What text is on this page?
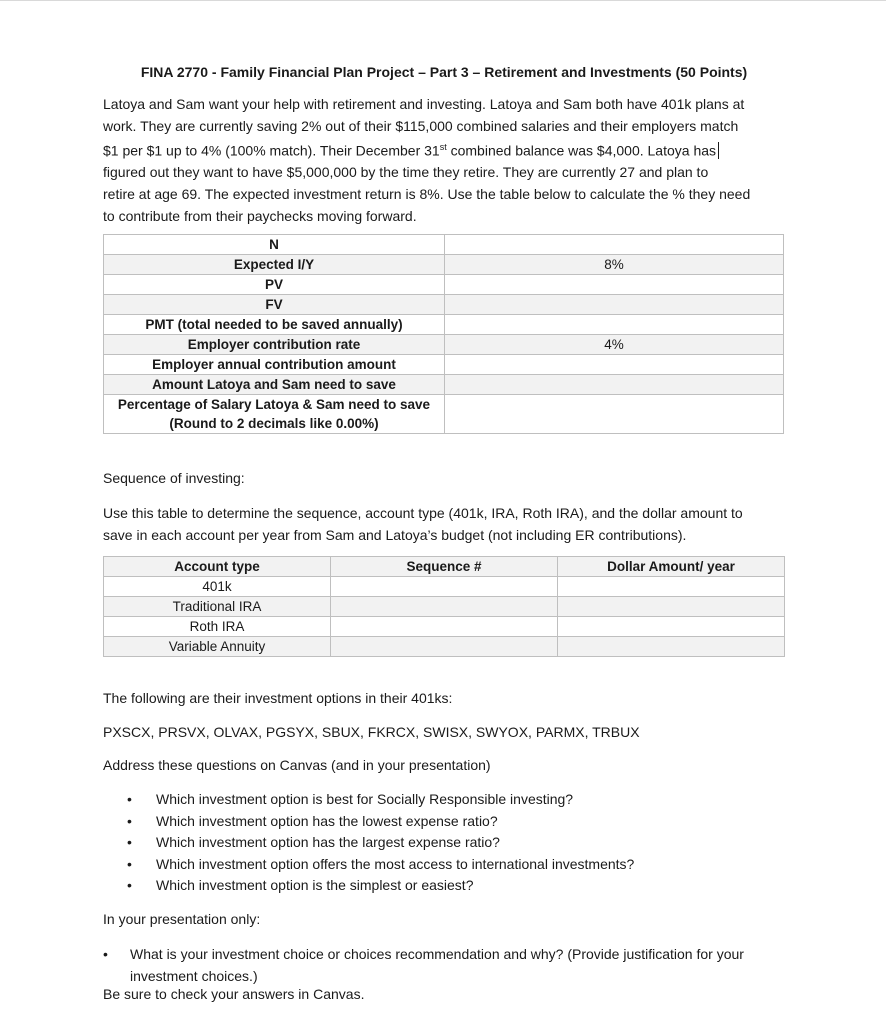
FINA 2770 - Family Financial Plan Project – Part 3 – Retirement and Investments (50 Points)
Latoya and Sam want your help with retirement and investing. Latoya and Sam both have 401k plans at
work. They are currently saving 2% out of their $115,000 combined salaries and their employers match
$1 per $1 up to 4% (100% match). Their December 31st combined balance was $4,000. Latoya has
figured out they want to have $5,000,000 by the time they retire. They are currently 27 and plan to
retire at age 69. The expected investment return is 8%. Use the table below to calculate the % they need
to contribute from their paychecks moving forward.
N	
Expected I/Y	8%
PV	
FV	
PMT (total needed to be saved annually)	
Employer contribution rate	4%
Employer annual contribution amount	
Amount Latoya and Sam need to save	

Percentage of Salary Latoya & Sam need to save
(Round to 2 decimals like 0.00%)	

Sequence of investing:
Use this table to determine the sequence, account type (401k, IRA, Roth IRA), and the dollar amount to
save in each account per year from Sam and Latoya’s budget (not including ER contributions).
Account type	Sequence #	Dollar Amount/ year
401k		
Traditional IRA		
Roth IRA		
Variable Annuity		
The following are their investment options in their 401ks:
PXSCX, PRSVX, OLVAX, PGSYX, SBUX, FKRCX, SWISX, SWYOX, PARMX, TRBUX
Address these questions on Canvas (and in your presentation)
• Which investment option is best for Socially Responsible investing?
• Which investment option has the lowest expense ratio?
• Which investment option has the largest expense ratio?
• Which investment option offers the most access to international investments?
• Which investment option is the simplest or easiest?
In your presentation only:
• What is your investment choice or choices recommendation and why? (Provide justification for your
investment choices.)
Be sure to check your answers in Canvas.
